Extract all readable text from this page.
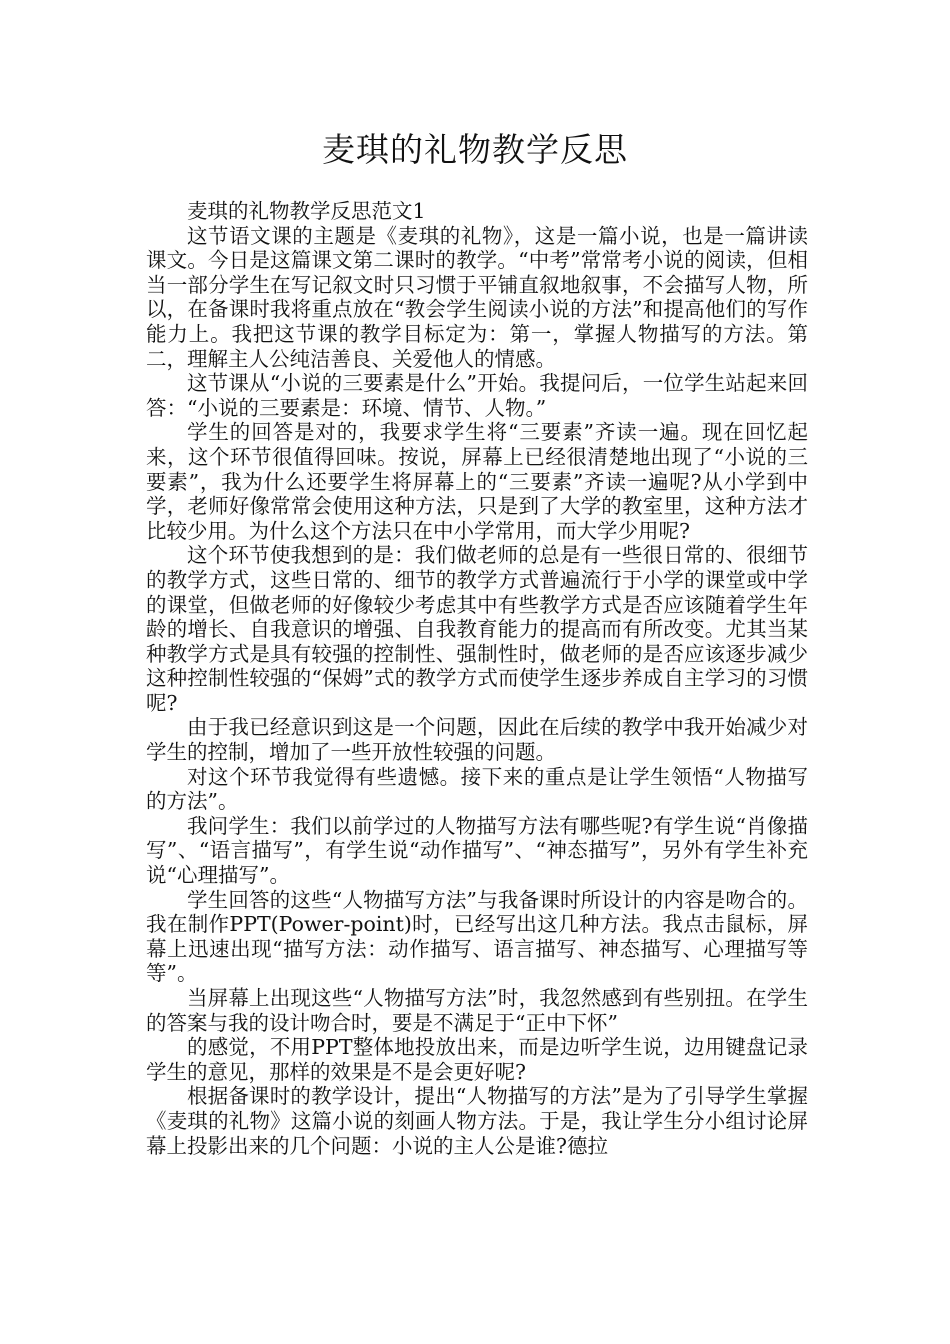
麦琪的礼物教学反思

麦琪的礼物教学反思范文1

这节语文课的主题是《麦琪的礼物》，这是一篇小说，也是一篇讲读课文。今日是这篇课文第二课时的教学。“中考”常常考小说的阅读，但相当一部分学生在写记叙文时只习惯于平铺直叙地叙事，不会描写人物，所以，在备课时我将重点放在“教会学生阅读小说的方法”和提高他们的写作能力上。我把这节课的教学目标定为：第一，掌握人物描写的方法。第二，理解主人公纯洁善良、关爱他人的情感。

这节课从“小说的三要素是什么”开始。我提问后，一位学生站起来回答：“小说的三要素是：环境、情节、人物。”

学生的回答是对的，我要求学生将“三要素”齐读一遍。现在回忆起来，这个环节很值得回味。按说，屏幕上已经很清楚地出现了“小说的三要素”，我为什么还要学生将屏幕上的“三要素”齐读一遍呢?从小学到中学，老师好像常常会使用这种方法，只是到了大学的教室里，这种方法才比较少用。为什么这个方法只在中小学常用，而大学少用呢?

这个环节使我想到的是：我们做老师的总是有一些很日常的、很细节的教学方式，这些日常的、细节的教学方式普遍流行于小学的课堂或中学的课堂，但做老师的好像较少考虑其中有些教学方式是否应该随着学生年龄的增长、自我意识的增强、自我教育能力的提高而有所改变。尤其当某种教学方式是具有较强的控制性、强制性时，做老师的是否应该逐步减少这种控制性较强的“保姆”式的教学方式而使学生逐步养成自主学习的习惯呢?

由于我已经意识到这是一个问题，因此在后续的教学中我开始减少对学生的控制，增加了一些开放性较强的问题。

对这个环节我觉得有些遗憾。接下来的重点是让学生领悟“人物描写的方法”。

我问学生：我们以前学过的人物描写方法有哪些呢?有学生说“肖像描写”、“语言描写”，有学生说“动作描写”、“神态描写”，另外有学生补充说“心理描写”。

学生回答的这些“人物描写方法”与我备课时所设计的内容是吻合的。我在制作PPT(Power-point)时，已经写出这几种方法。我点击鼠标，屏幕上迅速出现“描写方法：动作描写、语言描写、神态描写、心理描写等等”。

当屏幕上出现这些“人物描写方法”时，我忽然感到有些别扭。在学生的答案与我的设计吻合时，要是不满足于“正中下怀”

的感觉，不用PPT整体地投放出来，而是边听学生说，边用键盘记录学生的意见，那样的效果是不是会更好呢?

根据备课时的教学设计，提出“人物描写的方法”是为了引导学生掌握《麦琪的礼物》这篇小说的刻画人物方法。于是，我让学生分小组讨论屏幕上投影出来的几个问题：小说的主人公是谁?德拉
